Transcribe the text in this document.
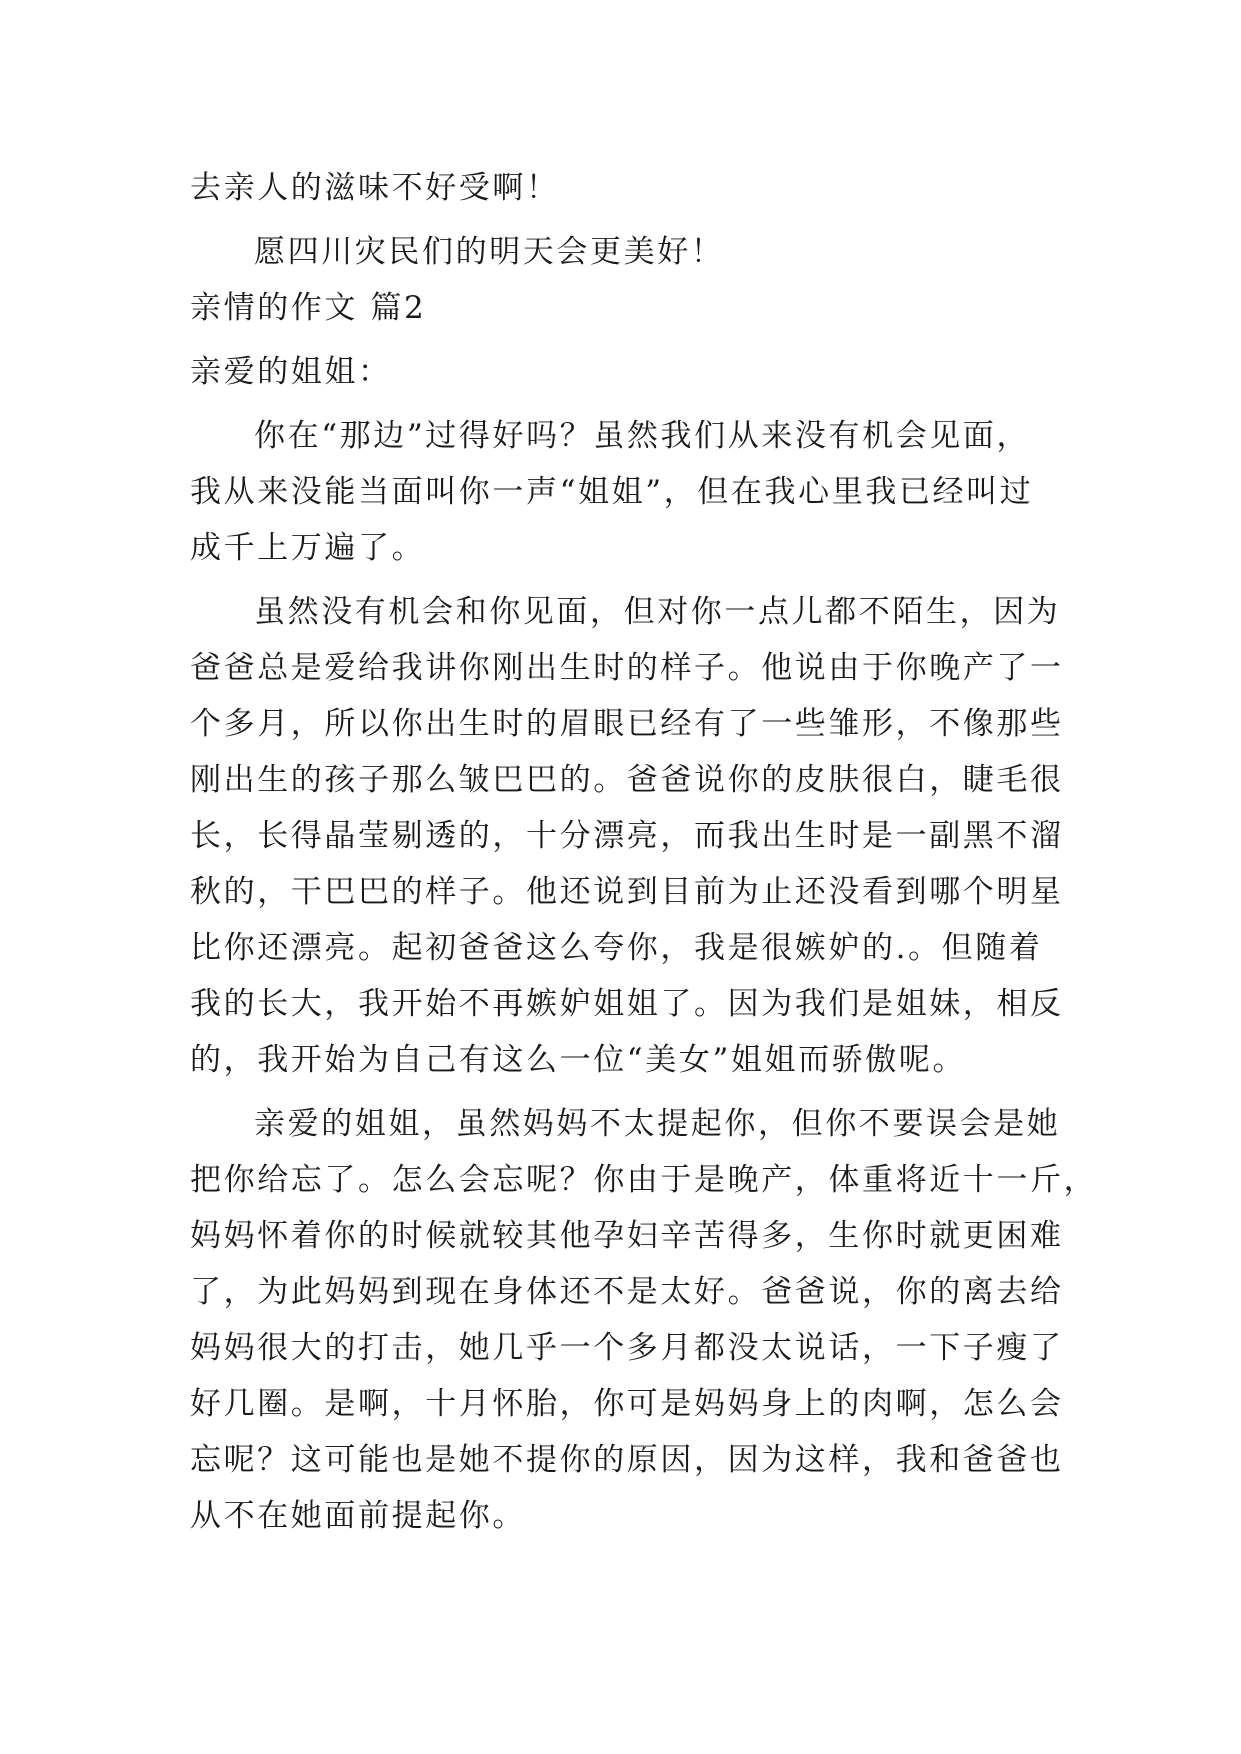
去亲人的滋味不好受啊！
愿四川灾民们的明天会更美好！
亲情的作文 篇2
亲爱的姐姐：
你在“那边”过得好吗？虽然我们从来没有机会见面，
我从来没能当面叫你一声“姐姐”，但在我心里我已经叫过
成千上万遍了。
虽然没有机会和你见面，但对你一点儿都不陌生，因为
爸爸总是爱给我讲你刚出生时的样子。他说由于你晚产了一
个多月，所以你出生时的眉眼已经有了一些雏形，不像那些
刚出生的孩子那么皱巴巴的。爸爸说你的皮肤很白，睫毛很
长，长得晶莹剔透的，十分漂亮，而我出生时是一副黑不溜
秋的，干巴巴的样子。他还说到目前为止还没看到哪个明星
比你还漂亮。起初爸爸这么夸你，我是很嫉妒的.。但随着
我的长大，我开始不再嫉妒姐姐了。因为我们是姐妹，相反
的，我开始为自己有这么一位“美女”姐姐而骄傲呢。
亲爱的姐姐，虽然妈妈不太提起你，但你不要误会是她
把你给忘了。怎么会忘呢？你由于是晚产，体重将近十一斤，
妈妈怀着你的时候就较其他孕妇辛苦得多，生你时就更困难
了，为此妈妈到现在身体还不是太好。爸爸说，你的离去给
妈妈很大的打击，她几乎一个多月都没太说话，一下子瘦了
好几圈。是啊，十月怀胎，你可是妈妈身上的肉啊，怎么会
忘呢？这可能也是她不提你的原因，因为这样，我和爸爸也
从不在她面前提起你。
